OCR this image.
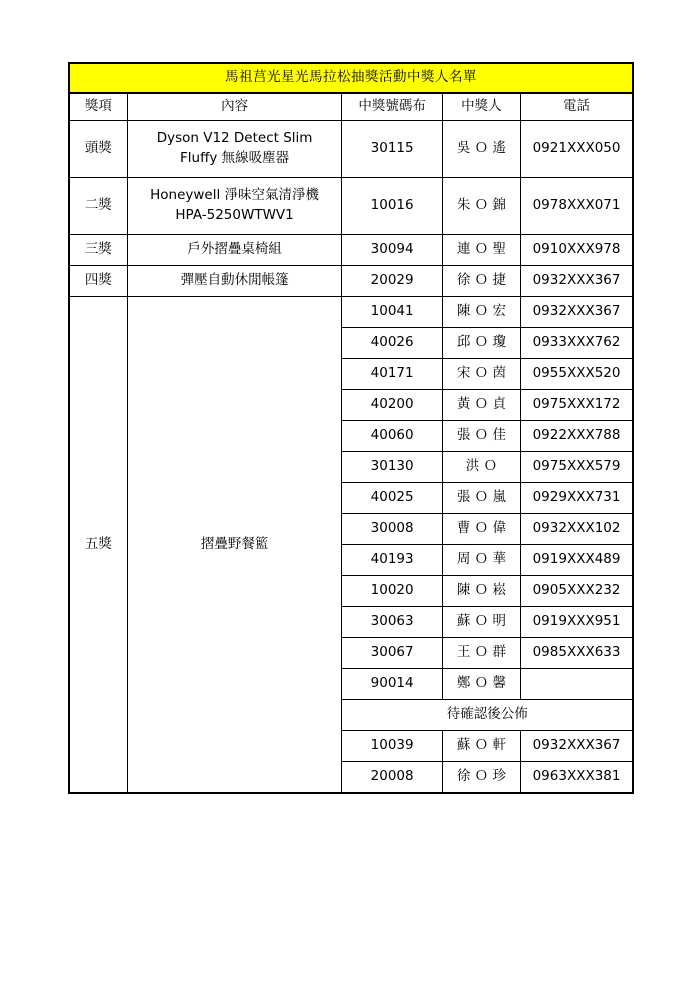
馬祖莒光星光馬拉松抽獎活動中獎人名單				
獎項	內容	中獎號碼布	中獎人	電話
頭獎	Dyson V12 Detect Slim
Fluffy 無線吸塵器	30115	吳 Ｏ 遙	0921XXX050
二獎	Honeywell 淨味空氣清淨機
HPA-5250WTWV1	10016	朱 Ｏ 錦	0978XXX071
三獎	戶外摺疊桌椅組	30094	連 Ｏ 聖	0910XXX978
四獎	彈壓自動休閒帳篷	20029	徐 Ｏ 捷	0932XXX367
五獎	摺疊野餐籃	10041	陳 Ｏ 宏	0932XXX367
		40026	邱 Ｏ 瓊	0933XXX762
		40171	宋 Ｏ 茵	0955XXX520
		40200	黃 Ｏ 貞	0975XXX172
		40060	張 Ｏ 佳	0922XXX788
		30130	洪 Ｏ	0975XXX579
		40025	張 Ｏ 嵐	0929XXX731
		30008	曹 Ｏ 偉	0932XXX102
		40193	周 Ｏ 華	0919XXX489
		10020	陳 Ｏ 崧	0905XXX232
		30063	蘇 Ｏ 明	0919XXX951
		30067	王 Ｏ 群	0985XXX633
		90014	鄭 Ｏ 馨	
		待確認後公佈		
		10039	蘇 Ｏ 軒	0932XXX367
		20008	徐 Ｏ 珍	0963XXX381
